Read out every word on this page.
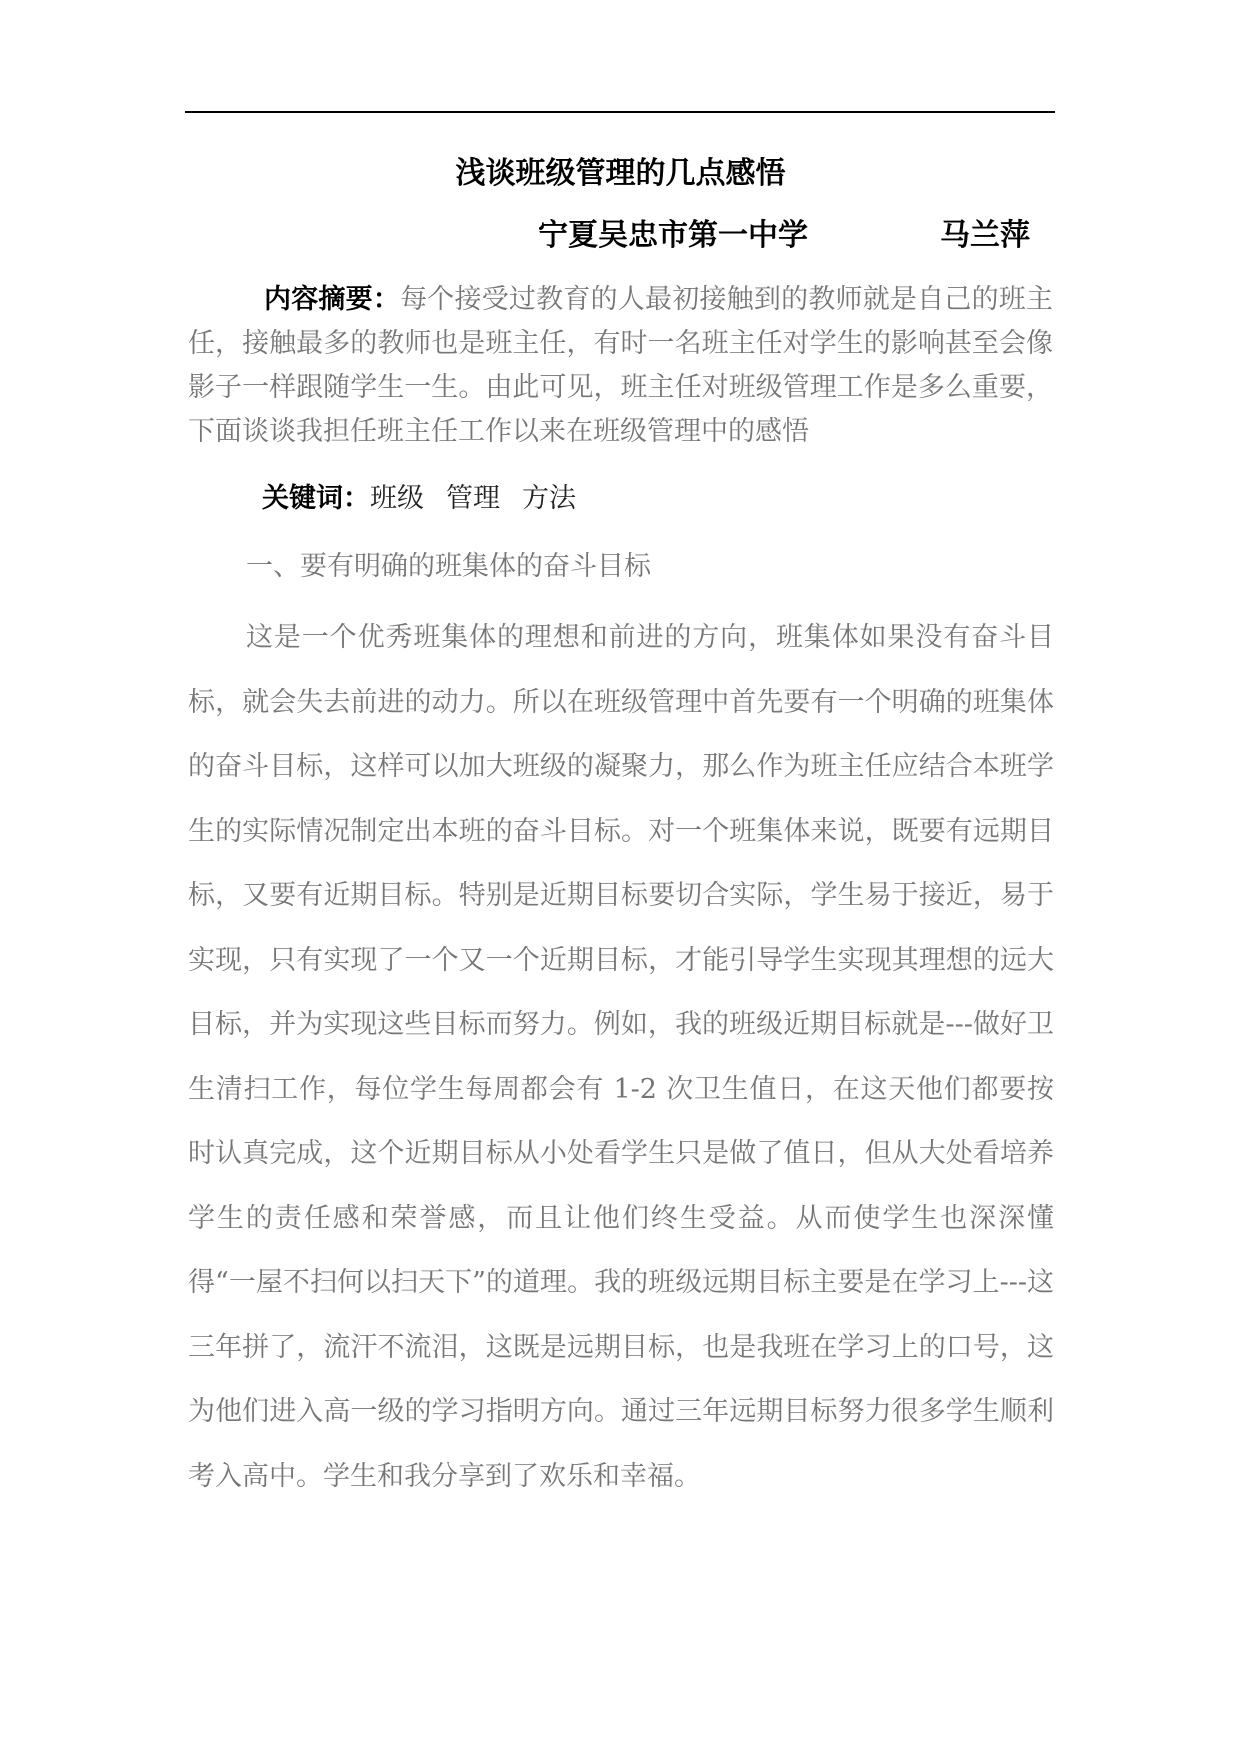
浅谈班级管理的几点感悟
宁夏吴忠市第一中学	马兰萍
内容摘要：每个接受过教育的人最初接触到的教师就是自己的班主任，接触最多的教师也是班主任，有时一名班主任对学生的影响甚至会像影子一样跟随学生一生。由此可见，班主任对班级管理工作是多么重要，下面谈谈我担任班主任工作以来在班级管理中的感悟
关键词：班级 管理 方法
一、要有明确的班集体的奋斗目标
这是一个优秀班集体的理想和前进的方向，班集体如果没有奋斗目标，就会失去前进的动力。所以在班级管理中首先要有一个明确的班集体的奋斗目标，这样可以加大班级的凝聚力，那么作为班主任应结合本班学生的实际情况制定出本班的奋斗目标。对一个班集体来说，既要有远期目标，又要有近期目标。特别是近期目标要切合实际，学生易于接近，易于实现，只有实现了一个又一个近期目标，才能引导学生实现其理想的远大目标，并为实现这些目标而努力。例如，我的班级近期目标就是---做好卫生清扫工作，每位学生每周都会有 1-2 次卫生值日，在这天他们都要按时认真完成，这个近期目标从小处看学生只是做了值日，但从大处看培养学生的责任感和荣誉感，而且让他们终生受益。从而使学生也深深懂得“一屋不扫何以扫天下”的道理。我的班级远期目标主要是在学习上---这三年拼了，流汗不流泪，这既是远期目标，也是我班在学习上的口号，这为他们进入高一级的学习指明方向。通过三年远期目标努力很多学生顺利考入高中。学生和我分享到了欢乐和幸福。
